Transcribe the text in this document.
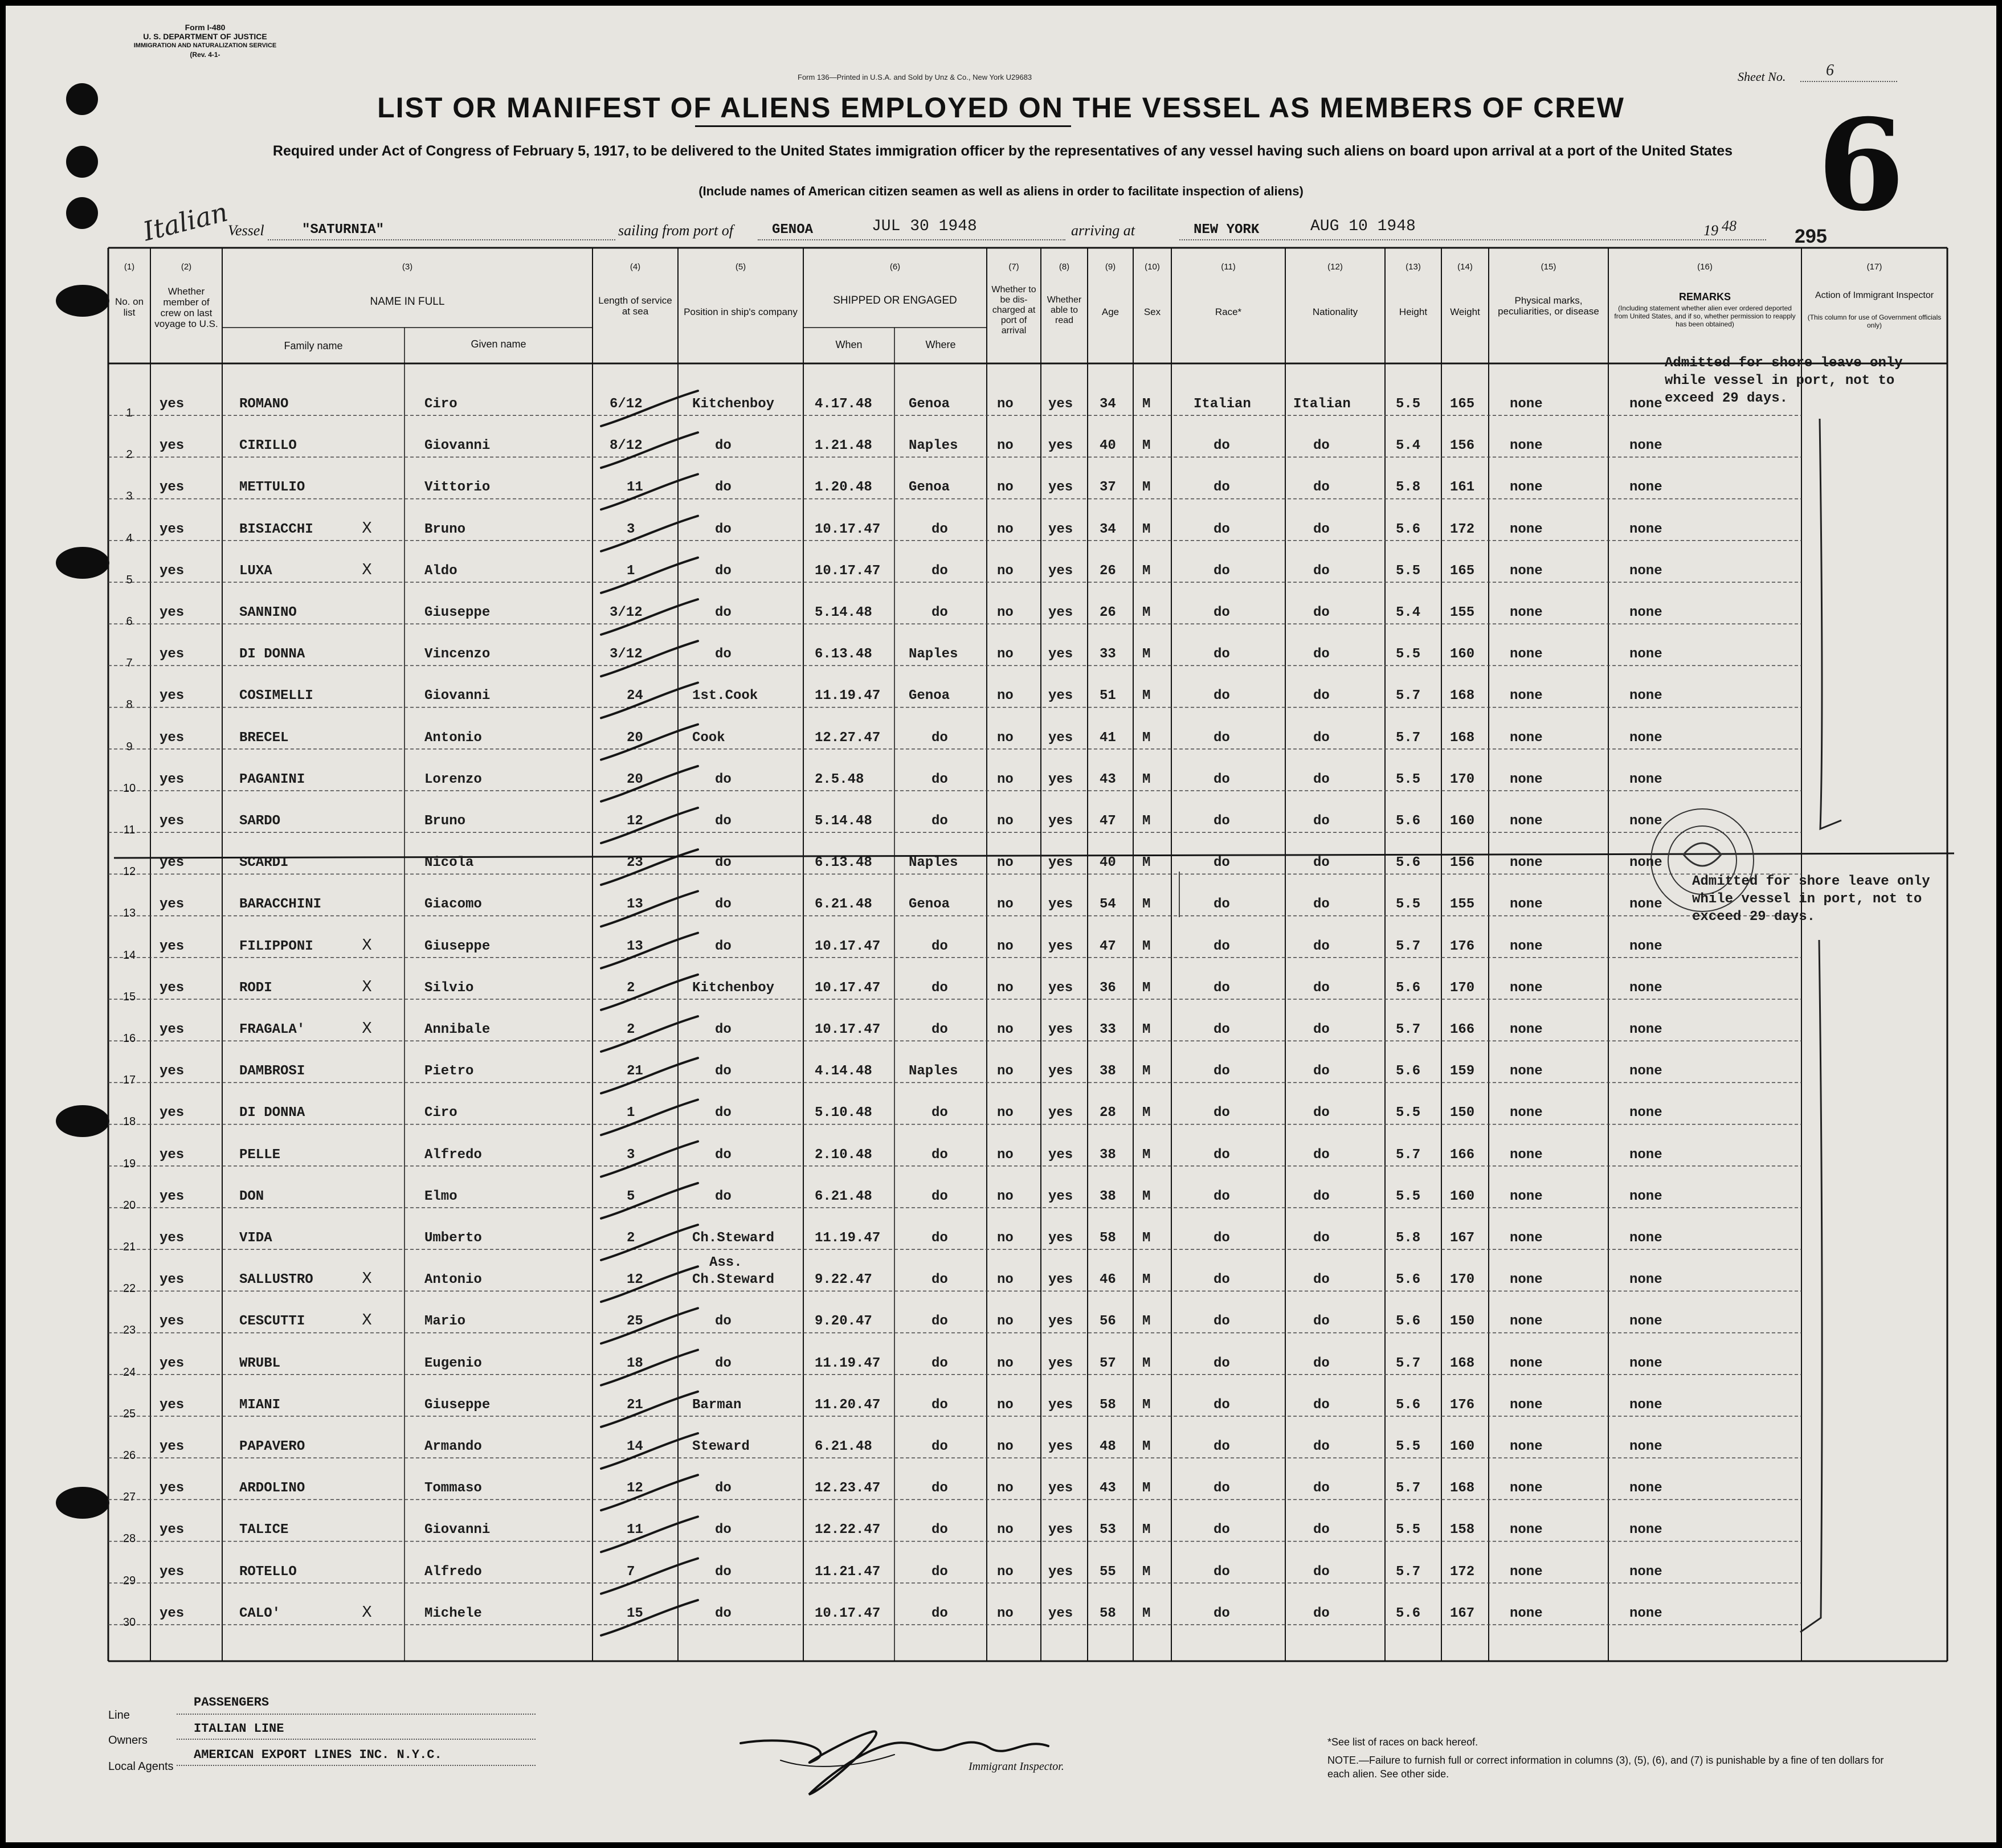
Form I-480
U. S. DEPARTMENT OF JUSTICE
IMMIGRATION AND NATURALIZATION SERVICE
(Rev. 4-1-
Form 136—Printed in U.S.A. and Sold by Unz & Co., New York U29683	Sheet No.	6
LIST OR MANIFEST OF ALIENS EMPLOYED ON THE VESSEL AS MEMBERS OF CREW
Required under Act of Congress of February 5, 1917, to be delivered to the United States immigration officer by the representatives of any vessel having such aliens on board upon arrival at a port of the United States
(Include names of American citizen seamen as well as aliens in order to facilitate inspection of aliens)	6
Italian
Vessel	"SATURNIA"	sailing from port of	GENOA	JUL 30 1948	arriving at	NEW YORK	AUG 10 1948	19 48	295
(1)
No. on list
(2)
Whether member of crew on last voyage to U.S.
(3)
NAME IN FULL
Family name	Given name
(4)
Length of service at sea
(5)
Position in ship's company
(6)
SHIPPED OR ENGAGED
When	Where
(7)
Whether to be dis-charged at port of arrival
(8)
Whether able to read
(9)
Age
(10)
Sex
(11)
Race*
(12)
Nationality
(13)
Height
(14)
Weight
(15)
Physical marks, peculiarities, or disease
(16)
REMARKS
(Including statement whether alien ever ordered deported from United States, and if so, whether permission to reapply has been obtained)
(17)
Action of Immigrant Inspector
(This column for use of Government officials only)
Admitted for shore leave only while vessel in port, not to exceed 29 days.
Admitted for shore leave only while vessel in port, not to exceed 29 days.
1
yes	ROMANO	Ciro	6/12	Kitchenboy	4.17.48	Genoa	no	yes 34 M	Italian	Italian	5.5 165	none	none
2
yes	CIRILLO	Giovanni	8/12	do	1.21.48	Naples	no	yes 40 M	do	do	5.4 156	none	none
3
yes	METTULIO	Vittorio	11	do	1.20.48	Genoa	no	yes 37 M	do	do	5.8 161	none	none
4
yes	BISIACCHI	Bruno	3	do	10.17.47	do	no	yes 34 M	do	do	5.6 172	none	none
X
5
yes	LUXA	Aldo	1	do	10.17.47	do	no	yes 26 M	do	do	5.5 165	none	none
X
6
yes	SANNINO	Giuseppe	3/12	do	5.14.48	do	no	yes 26 M	do	do	5.4 155	none	none
7
yes	DI DONNA	Vincenzo	3/12	do	6.13.48	Naples	no	yes 33 M	do	do	5.5 160	none	none
8
yes	COSIMELLI	Giovanni	24	1st.Cook	11.19.47 Genoa	no	yes 51 M	do	do	5.7 168	none	none
9
yes	BRECEL	Antonio	20	Cook	12.27.47	do	no	yes 41 M	do	do	5.7 168	none	none
10
yes	PAGANINI	Lorenzo	20	do	2.5.48	do	no	yes 43 M	do	do	5.5 170	none	none
11
yes	SARDO	Bruno	12	do	5.14.48	do	no	yes 47 M	do	do	5.6 160	none	none
12
yes	SCARDI	Nicola	23	do	6.13.48	Naples	no	yes 40 M	do	do	5.6 156	none	none
13
yes	BARACCHINI	Giacomo	13	do	6.21.48	Genoa	no	yes 54 M	do	do	5.5 155	none	none
14
yes	FILIPPONI	Giuseppe	13	do	10.17.47	do	no	yes 47 M	do	do	5.7 176	none	none
X
15
yes	RODI	Silvio	2	Kitchenboy	10.17.47	do	no	yes 36 M	do	do	5.6 170	none	none
X
16
yes	FRAGALA'	Annibale	2	do	10.17.47	do	no	yes 33 M	do	do	5.7 166	none	none
X
17
yes	DAMBROSI	Pietro	21	do	4.14.48	Naples	no	yes 38 M	do	do	5.6 159	none	none
18
yes	DI DONNA	Ciro	1	do	5.10.48	do	no	yes 28 M	do	do	5.5 150	none	none
19
yes	PELLE	Alfredo	3	do	2.10.48	do	no	yes 38 M	do	do	5.7 166	none	none
20
yes	DON	Elmo	5	do	6.21.48	do	no	yes 38 M	do	do	5.5 160	none	none
21
yes	VIDA	Umberto	2	Ch.Steward	11.19.47	do	no	yes 58 M	do	do	5.8 167	none	none
22
yes	SALLUSTRO	Antonio	12	Ch.Steward	9.22.47	do	no	yes 46 M	do	do	5.6 170	none	none
Ass.
X
23
yes	CESCUTTI	Mario	25	do	9.20.47	do	no	yes 56 M	do	do	5.6 150	none	none
X
24
yes	WRUBL	Eugenio	18	do	11.19.47	do	no	yes 57 M	do	do	5.7 168	none	none
25
yes	MIANI	Giuseppe	21	Barman	11.20.47	do	no	yes 58 M	do	do	5.6 176	none	none
26
yes	PAPAVERO	Armando	14	Steward	6.21.48	do	no	yes 48 M	do	do	5.5 160	none	none
27
yes	ARDOLINO	Tommaso	12	do	12.23.47	do	no	yes 43 M	do	do	5.7 168	none	none
28
yes	TALICE	Giovanni	11	do	12.22.47	do	no	yes 53 M	do	do	5.5 158	none	none
29
yes	ROTELLO	Alfredo	7	do	11.21.47	do	no	yes 55 M	do	do	5.7 172	none	none
30
yes	CALO'	Michele	15	do	10.17.47	do	no	yes 58 M	do	do	5.6 167	none	none
X
Line
PASSENGERS
Owners
ITALIAN LINE
Local Agents
AMERICAN EXPORT LINES INC. N.Y.C.
Immigrant Inspector.
*See list of races on back hereof.
NOTE.—Failure to furnish full or correct information in columns (3), (5), (6), and (7) is punishable by a fine of ten dollars for each alien. See other side.
